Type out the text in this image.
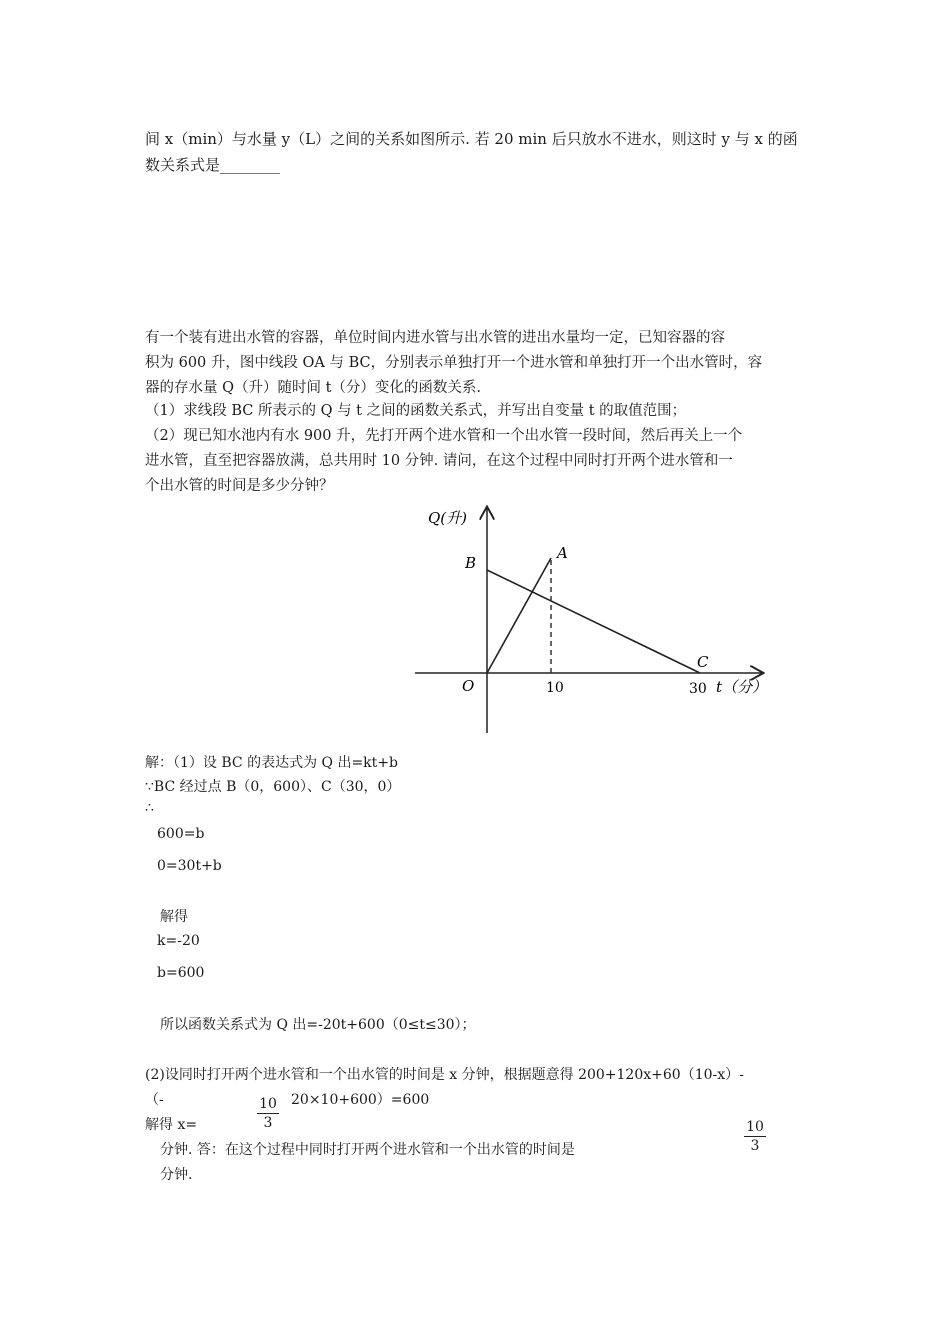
间 x（min）与水量 y（L）之间的关系如图所示. 若 20 min 后只放水不进水，则这时 y 与 x 的函
数关系式是________
有一个装有进出水管的容器，单位时间内进水管与出水管的进出水量均一定，已知容器的容
积为 600 升，图中线段 OA 与 BC，分别表示单独打开一个进水管和单独打开一个出水管时，容
器的存水量 Q（升）随时间 t（分）变化的函数关系.
（1）求线段 BC 所表示的 Q 与 t 之间的函数关系式，并写出自变量 t 的取值范围；
（2）现已知水池内有水 900 升，先打开两个进水管和一个出水管一段时间，然后再关上一个
进水管，直至把容器放满，总共用时 10 分钟. 请问，在这个过程中同时打开两个进水管和一
个出水管的时间是多少分钟？
Q(升)
B
A
C
O	10	30 t（分）
解：（1）设 BC 的表达式为 Q 出=kt+b
∵BC 经过点 B（0，600）、C（30，0）
∴
600=b
0=30t+b
解得
k=-20
b=600
所以函数关系式为 Q 出=-20t+600（0≤t≤30）；
(2)设同时打开两个进水管和一个出水管的时间是 x 分钟，根据题意得 200+120x+60（10-x）-
（-	10
3
20×10+600）=600
解得 x=
分钟. 答：在这个过程中同时打开两个进水管和一个出水管的时间是
10
3
分钟.
